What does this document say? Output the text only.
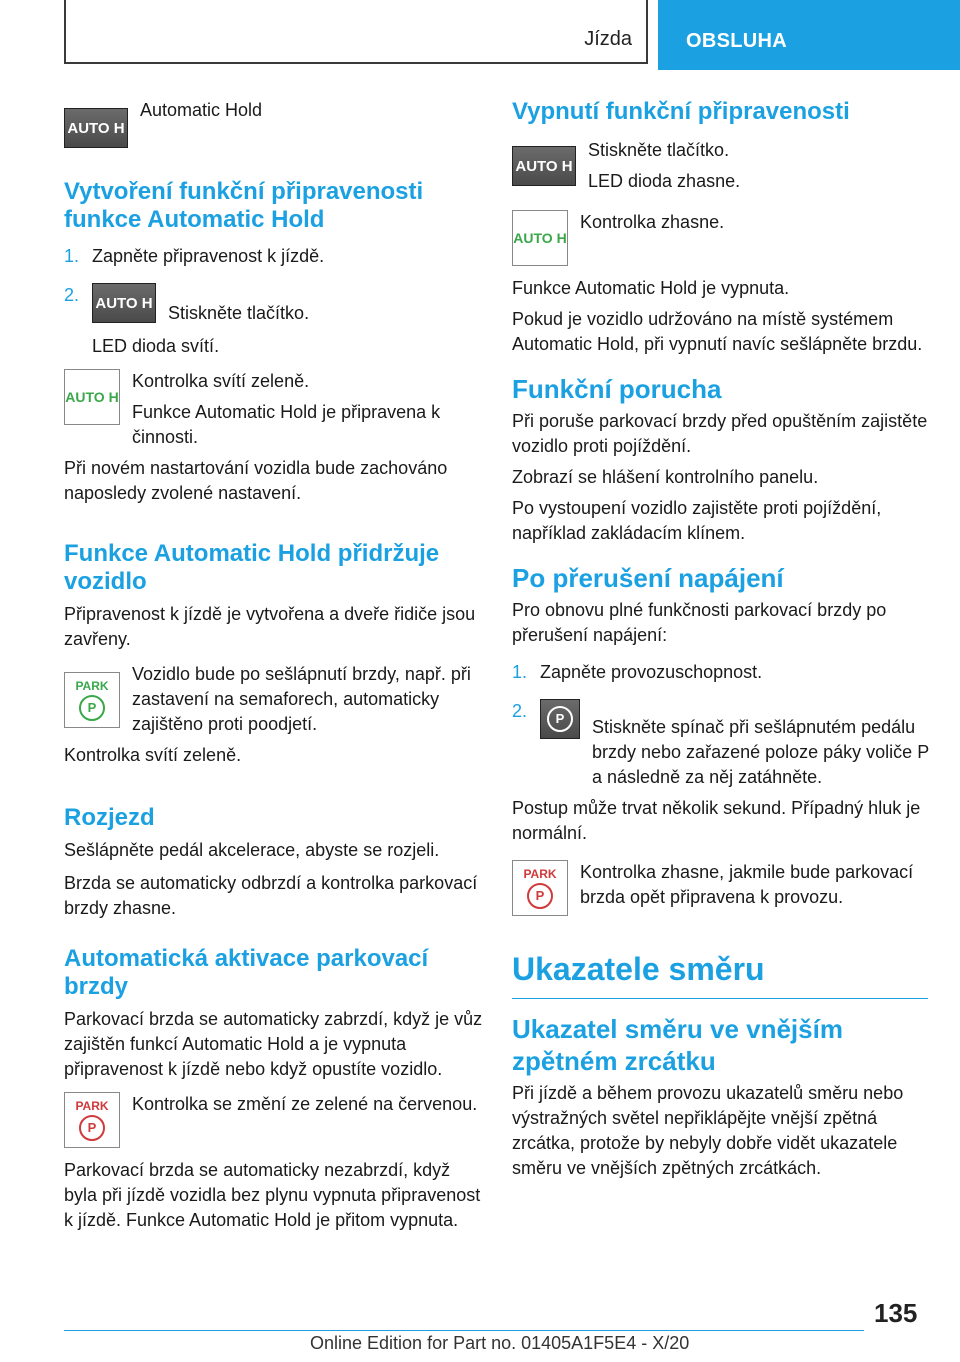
Jízda	OBSLUHA
AUTO H

Automatic Hold

Vytvoření funkční připravenosti funkce Automatic Hold
1. Zapněte připravenost k jízdě.

2.	AUTO H Stiskněte tlačítko.

LED dioda svítí.

AUTO H

Kontrolka svítí zeleně.

Funkce Automatic Hold je připravena k činnosti.

Při novém nastartování vozidla bude zachováno naposledy zvolené nastavení.

Funkce Automatic Hold přidržuje vozidlo

Připravenost k jízdě je vytvořena a dveře řidiče jsou zavřeny.

PARK
P

Vozidlo bude po sešlápnutí brzdy, např. při zastavení na semaforech, automaticky zajištěno proti poodjetí.

Kontrolka svítí zeleně.

Rozjezd

Sešlápněte pedál akcelerace, abyste se rozjeli.

Brzda se automaticky odbrzdí a kontrolka parkovací brzdy zhasne.

Automatická aktivace parkovací brzdy

Parkovací brzda se automaticky zabrzdí, když je vůz zajištěn funkcí Automatic Hold a je vypnuta připravenost k jízdě nebo když opustíte vozidlo.

PARK
P

Kontrolka se změní ze zelené na červenou.

Parkovací brzda se automaticky nezabrzdí, když byla při jízdě vozidla bez plynu vypnuta připravenost k jízdě. Funkce Automatic Hold je přitom vypnuta.

Vypnutí funkční připravenosti
AUTO H

Stiskněte tlačítko.

LED dioda zhasne.

AUTO H

Kontrolka zhasne.

Funkce Automatic Hold je vypnuta.

Pokud je vozidlo udržováno na místě systémem Automatic Hold, při vypnutí navíc sešlápněte brzdu.

Funkční porucha

Při poruše parkovací brzdy před opuštěním zajistěte vozidlo proti pojíždění.

Zobrazí se hlášení kontrolního panelu.

Po vystoupení vozidlo zajistěte proti pojíždění, například zakládacím klínem.

Po přerušení napájení

Pro obnovu plné funkčnosti parkovací brzdy po přerušení napájení:

1. Zapněte provozuschopnost.

2.	P	Stiskněte spínač při sešlápnutém pedálu brzdy nebo zařazené poloze páky voliče P a následně za něj zatáhněte.

Postup může trvat několik sekund. Případný hluk je normální.

PARK
P

Kontrolka zhasne, jakmile bude parkovací brzda opět připravena k provozu.

Ukazatele směru
Ukazatel směru ve vnějším zpětném zrcátku

Při jízdě a během provozu ukazatelů směru nebo výstražných světel nepřiklápějte vnější zpětná zrcátka, protože by nebyly dobře vidět ukazatele směru ve vnějších zpětných zrcátkách.

135
Online Edition for Part no. 01405A1F5E4 - X/20
